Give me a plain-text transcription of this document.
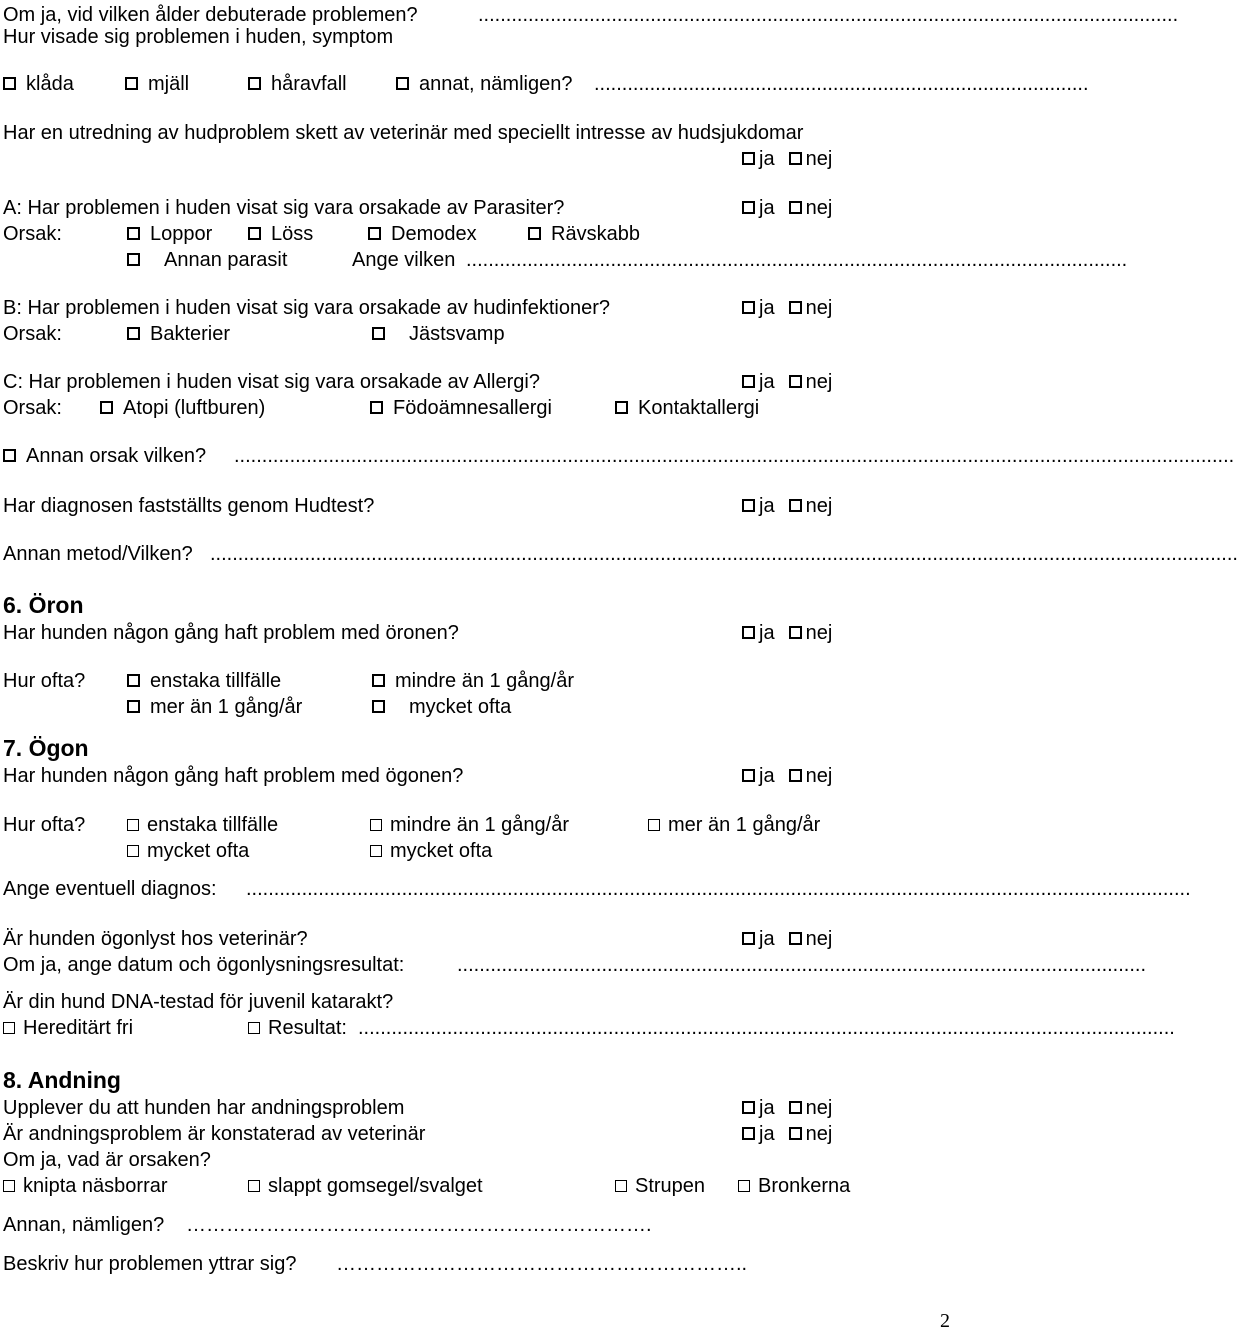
Om ja, vid vilken ålder debuterade problemen?	..............................................................................................................................
Hur visade sig problemen i huden, symptom
klåda	mjäll	håravfall	annat, nämligen? .........................................................................................
Har en utredning av hudproblem skett av veterinär med speciellt intresse av hudsjukdomar
ja nej
A: Har problemen i huden visat sig vara orsakade av Parasiter?	ja nej
Orsak:	Loppor	Löss	Demodex	Rävskabb
Annan parasit	Ange vilken .......................................................................................................................
B: Har problemen i huden visat sig vara orsakade av hudinfektioner?	ja nej
Orsak:	Bakterier	Jästsvamp
C: Har problemen i huden visat sig vara orsakade av Allergi?	ja nej
Orsak:	Atopi (luftburen)	Födoämnesallergi	Kontaktallergi
Annan orsak vilken? ....................................................................................................................................................................................
Har diagnosen fastställts genom Hudtest?	ja nej
Annan metod/Vilken? .........................................................................................................................................................................................
6. Öron
Har hunden någon gång haft problem med öronen?	ja nej
Hur ofta?	enstaka tillfälle	mindre än 1 gång/år
mer än 1 gång/år	mycket ofta
7. Ögon
Har hunden någon gång haft problem med ögonen?	ja nej
Hur ofta?	enstaka tillfälle	mindre än 1 gång/år	mer än 1 gång/år
mycket ofta	mycket ofta
Ange eventuell diagnos: ..........................................................................................................................................................................
Är hunden ögonlyst hos veterinär?	ja nej
Om ja, ange datum och ögonlysningsresultat:	............................................................................................................................
Är din hund DNA-testad för juvenil katarakt?
Hereditärt fri	Resultat: ...................................................................................................................................................
8. Andning
Upplever du att hunden har andningsproblem	ja nej
Är andningsproblem är konstaterad av veterinär	ja nej
Om ja, vad är orsaken?
knipta näsborrar	slappt gomsegel/svalget	Strupen	Bronkerna
Annan, nämligen? …………………………………………………………….
Beskriv hur problemen yttrar sig? ……………………………………………………..
2
